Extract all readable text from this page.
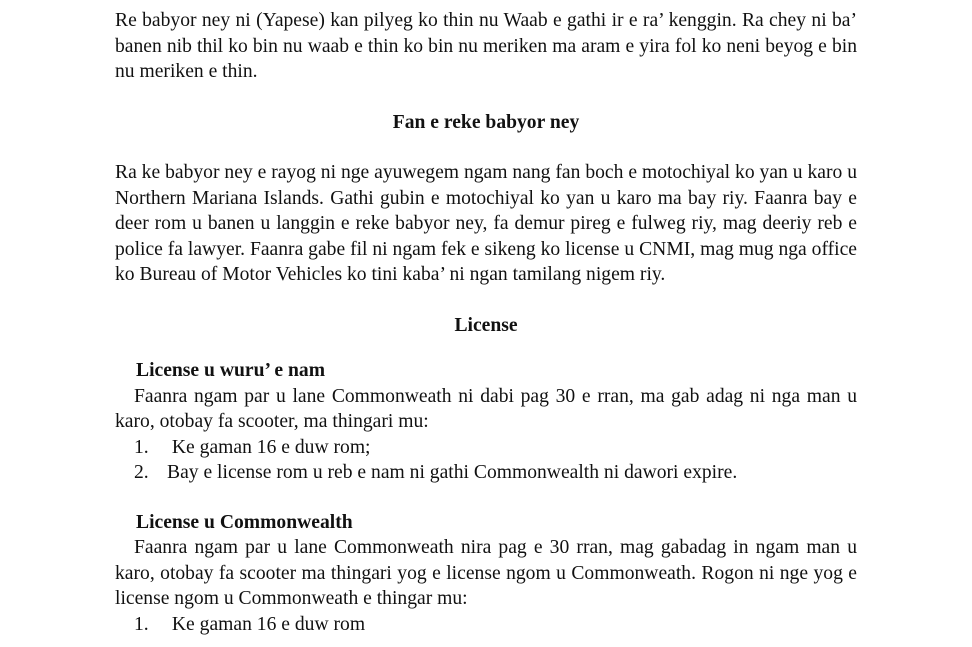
Re babyor ney ni (Yapese) kan pilyeg ko thin nu Waab e gathi ir e ra’ kenggin. Ra chey ni ba’ banen nib thil ko bin nu waab e thin ko bin nu meriken ma aram e yira fol ko neni beyog e bin nu meriken e thin.

Fan e reke babyor ney

Ra ke babyor ney e rayog ni nge ayuwegem ngam nang fan boch e motochiyal ko yan u karo u Northern Mariana Islands. Gathi gubin e motochiyal ko yan u karo ma bay riy. Faanra bay e deer rom u banen u langgin e reke babyor ney, fa demur pireg e fulweg riy, mag deeriy reb e police fa lawyer. Faanra gabe fil ni ngam fek e sikeng ko license u CNMI, mag mug nga office ko Bureau of Motor Vehicles ko tini kaba’ ni ngan tamilang nigem riy.

License

License u wuru’ e nam

Faanra ngam par u lane Commonweath ni dabi pag 30 e rran, ma gab adag ni nga man u karo, otobay fa scooter, ma thingari mu:

1. Ke gaman 16 e duw rom;
2. Bay e license rom u reb e nam ni gathi Commonwealth ni dawori expire.

License u Commonwealth

Faanra ngam par u lane Commonweath nira pag e 30 rran, mag gabadag in ngam man u karo, otobay fa scooter ma thingari yog e license ngom u Commonweath. Rogon ni nge yog e license ngom u Commonweath e thingar mu:

1. Ke gaman 16 e duw rom
